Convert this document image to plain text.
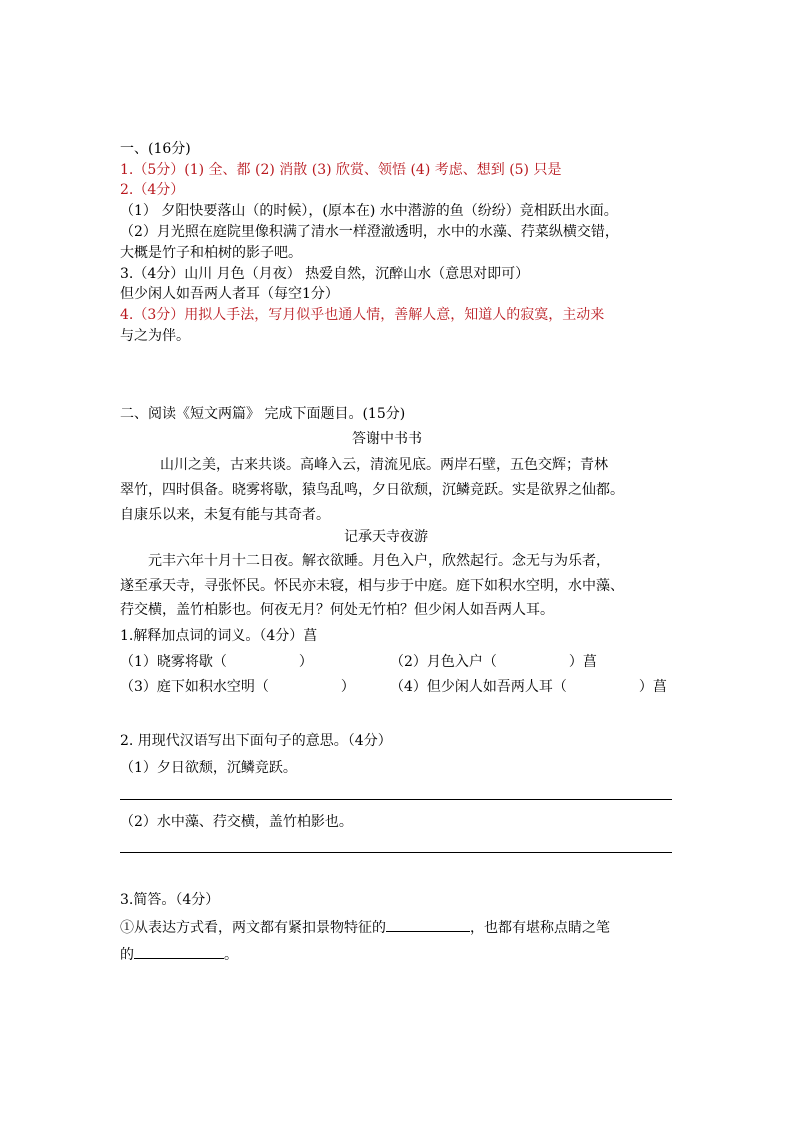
一、(16分)
1.（5分）(1) 全、都 (2) 消散 (3) 欣赏、领悟 (4) 考虑、想到 (5) 只是
2.（4分）
（1） 夕阳快要落山（的时候），(原本在) 水中潜游的鱼（纷纷）竞相跃出水面。
（2）月光照在庭院里像积满了清水一样澄澈透明，水中的水藻、荇菜纵横交错，
大概是竹子和柏树的影子吧。
3.（4分）山川 月色（月夜） 热爱自然，沉醉山水（意思对即可）
但少闲人如吾两人者耳（每空1分）
4.（3分）用拟人手法，写月似乎也通人情，善解人意，知道人的寂寞，主动来
与之为伴。
二、阅读《短文两篇》 完成下面题目。(15分)
答谢中书书
山川之美，古来共谈。高峰入云，清流见底。两岸石壁，五色交辉；青林
翠竹，四时俱备。晓雾将歇，猿鸟乱鸣，夕日欲颓，沉鳞竞跃。实是欲界之仙都。
自康乐以来，未复有能与其奇者。
记承天寺夜游
元丰六年十月十二日夜。解衣欲睡。月色入户，欣然起行。念无与为乐者，
遂至承天寺，寻张怀民。怀民亦未寝，相与步于中庭。庭下如积水空明，水中藻、
荇交横，盖竹柏影也。何夜无月？何处无竹柏？但少闲人如吾两人耳。
1.解释加点词的词义。（4分）菖
（1）晓雾将歇（	）	（2）月色入户（	）菖
（3）庭下如积水空明（	）	（4）但少闲人如吾两人耳（	）菖
2. 用现代汉语写出下面句子的意思。（4分）
（1）夕日欲颓，沉鳞竞跃。
（2）水中藻、荇交横，盖竹柏影也。
3.简答。（4分）
①从表达方式看，两文都有紧扣景物特征的	，也都有堪称点睛之笔
的	。
